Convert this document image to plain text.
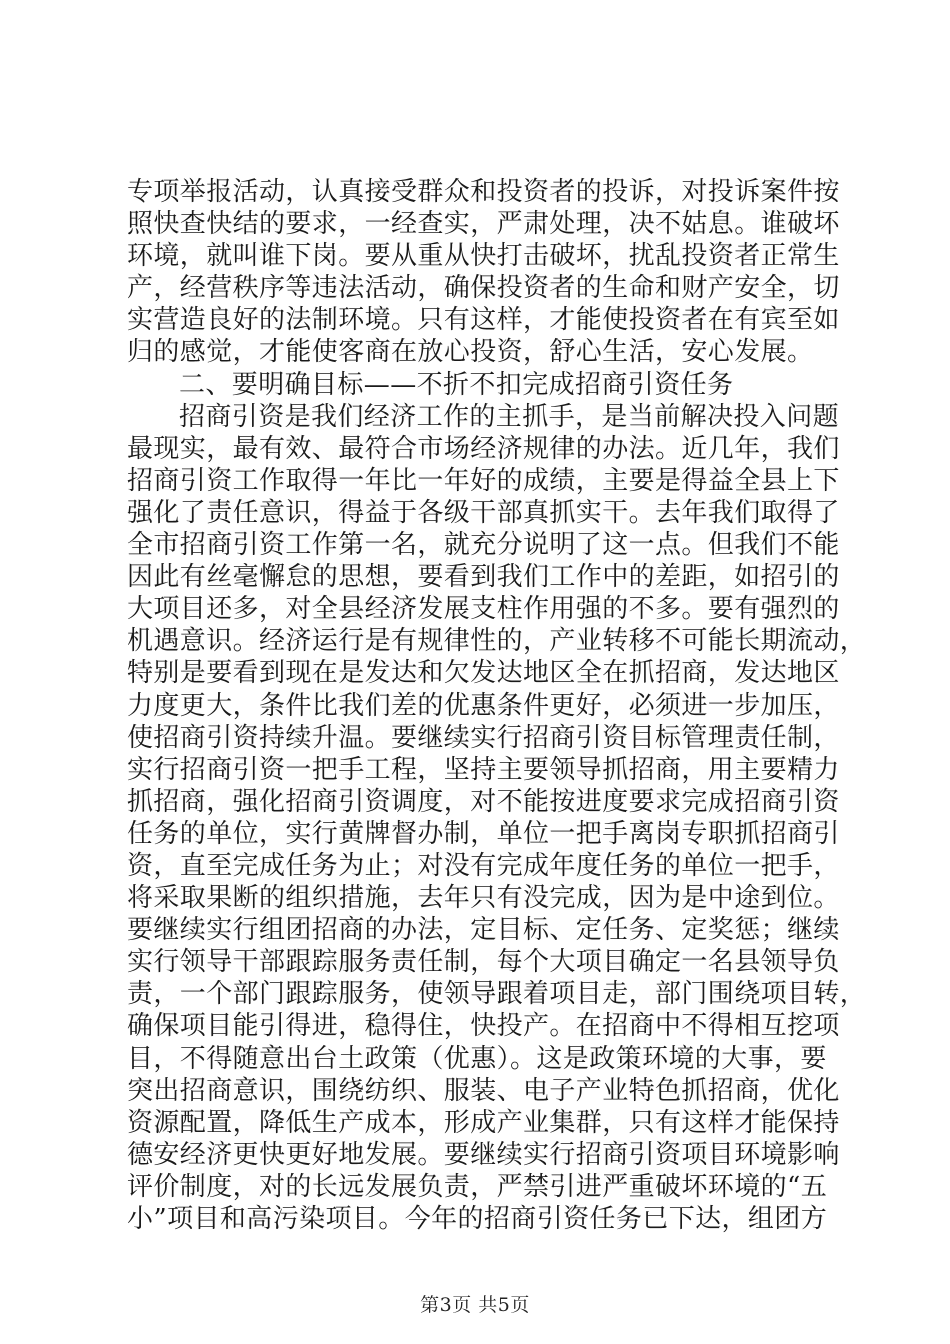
专项举报活动，认真接受群众和投资者的投诉，对投诉案件按
照快查快结的要求，一经查实，严肃处理，决不姑息。谁破坏
环境，就叫谁下岗。要从重从快打击破坏，扰乱投资者正常生
产，经营秩序等违法活动，确保投资者的生命和财产安全，切
实营造良好的法制环境。只有这样，才能使投资者在有宾至如
归的感觉，才能使客商在放心投资，舒心生活，安心发展。
二、要明确目标——不折不扣完成招商引资任务
招商引资是我们经济工作的主抓手，是当前解决投入问题
最现实，最有效、最符合市场经济规律的办法。近几年，我们
招商引资工作取得一年比一年好的成绩，主要是得益全县上下
强化了责任意识，得益于各级干部真抓实干。去年我们取得了
全市招商引资工作第一名，就充分说明了这一点。但我们不能
因此有丝毫懈怠的思想，要看到我们工作中的差距，如招引的
大项目还多，对全县经济发展支柱作用强的不多。要有强烈的
机遇意识。经济运行是有规律性的，产业转移不可能长期流动，
特别是要看到现在是发达和欠发达地区全在抓招商，发达地区
力度更大，条件比我们差的优惠条件更好，必须进一步加压，
使招商引资持续升温。要继续实行招商引资目标管理责任制，
实行招商引资一把手工程，坚持主要领导抓招商，用主要精力
抓招商，强化招商引资调度，对不能按进度要求完成招商引资
任务的单位，实行黄牌督办制，单位一把手离岗专职抓招商引
资，直至完成任务为止；对没有完成年度任务的单位一把手，
将采取果断的组织措施，去年只有没完成，因为是中途到位。
要继续实行组团招商的办法，定目标、定任务、定奖惩；继续
实行领导干部跟踪服务责任制，每个大项目确定一名县领导负
责，一个部门跟踪服务，使领导跟着项目走，部门围绕项目转，
确保项目能引得进，稳得住，快投产。在招商中不得相互挖项
目，不得随意出台土政策（优惠）。这是政策环境的大事，要
突出招商意识，围绕纺织、服装、电子产业特色抓招商，优化
资源配置，降低生产成本，形成产业集群，只有这样才能保持
德安经济更快更好地发展。要继续实行招商引资项目环境影响
评价制度，对的长远发展负责，严禁引进严重破坏环境的“五
小”项目和高污染项目。今年的招商引资任务已下达，组团方
第3页 共5页
